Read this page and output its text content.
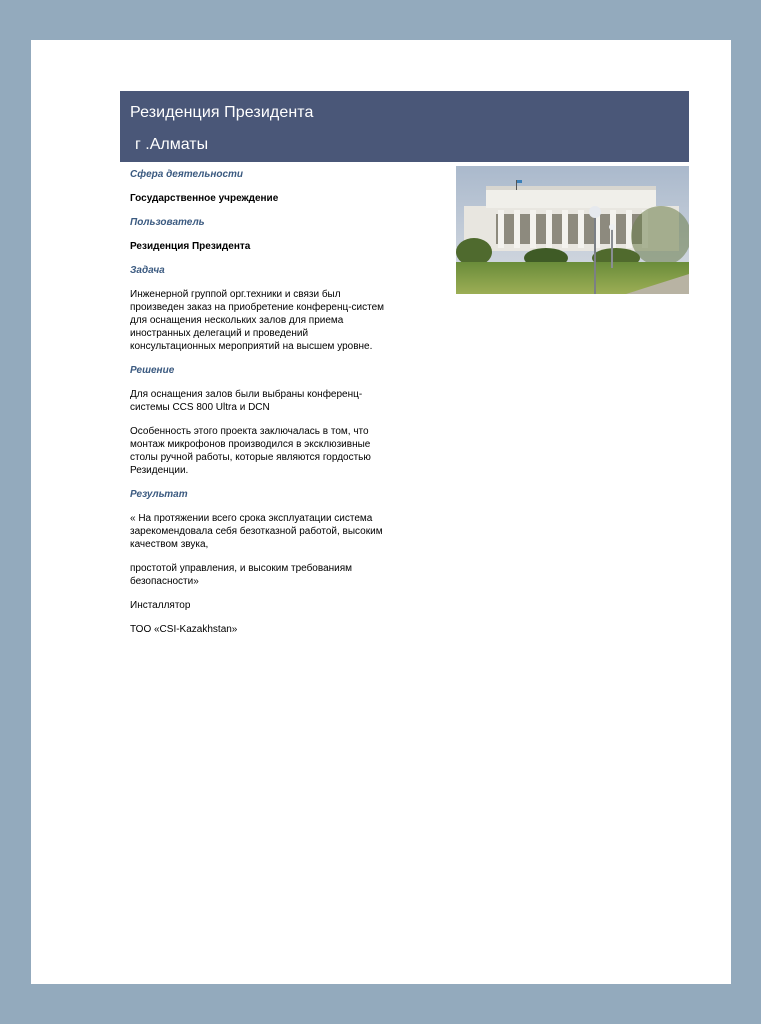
Резиденция Президента
г .Алматы

Сфера деятельности

Государственное учреждение

Пользователь

Резиденция Президента

Задача

Инженерной группой орг.техники и связи был произведен заказ на приобретение конференц-систем для оснащения нескольких залов для приема иностранных делегаций и проведений консультационных мероприятий на высшем уровне.

Решение

Для оснащения залов были выбраны конференц-системы CCS 800 Ultra и DCN

Особенность этого проекта заключалась в том, что монтаж микрофонов производился в эксклюзивные столы ручной работы, которые являются гордостью Резиденции.

Результат

« На протяжении всего срока эксплуатации система зарекомендовала себя безотказной работой, высоким качеством звука,

простотой управления, и высоким требованиям безопасности»

Инсталлятор

ТОО «CSI-Kazakhstan»
